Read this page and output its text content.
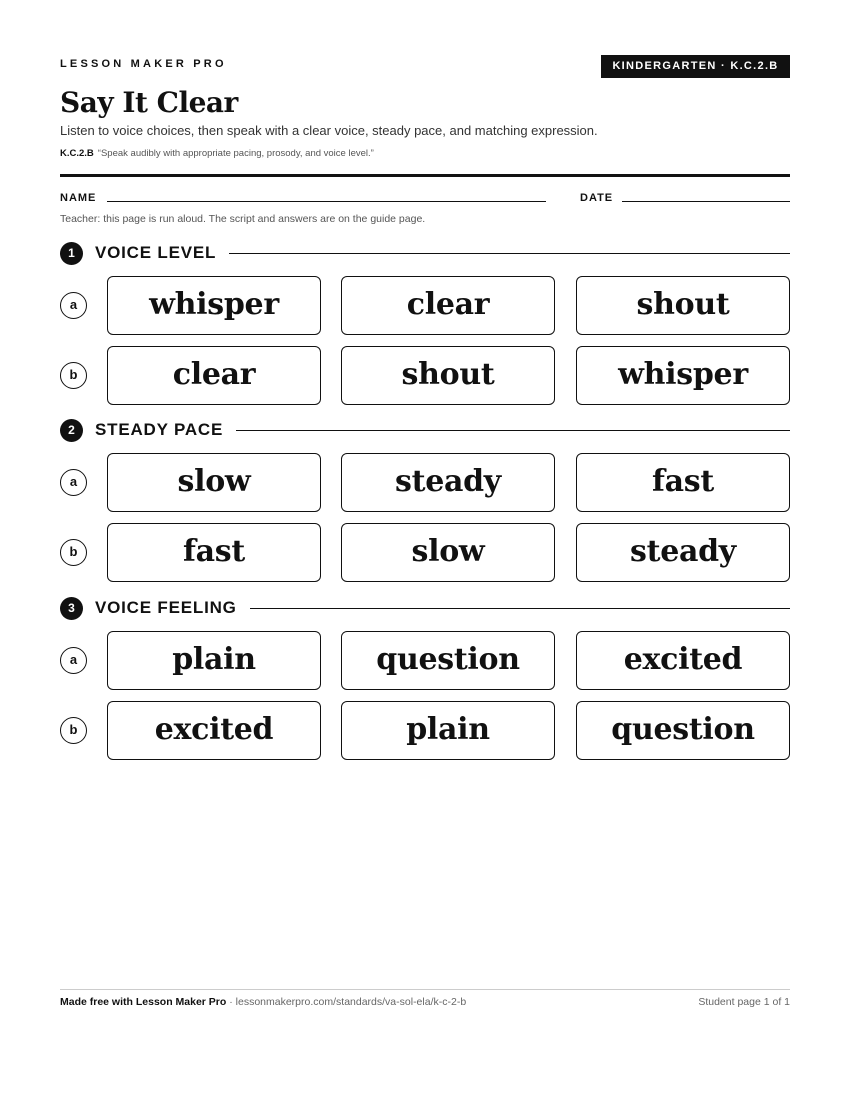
LESSON MAKER PRO	KINDERGARTEN · K.C.2.B
Say It Clear

Listen to voice choices, then speak with a clear voice, steady pace, and matching expression.

K.C.2.B “Speak audibly with appropriate pacing, prosody, and voice level.”

NAME	DATE

Teacher: this page is run aloud. The script and answers are on the guide page.

1	VOICE LEVEL
a	whisper	clear	shout
b	clear	shout	whisper
2	STEADY PACE
a	slow	steady	fast
b	fast	slow	steady
3	VOICE FEELING
a	plain	question	excited
b	excited	plain	question
Made free with Lesson Maker Pro · lessonmakerpro.com/standards/va-sol-ela/k-c-2-b	Student page 1 of 1
